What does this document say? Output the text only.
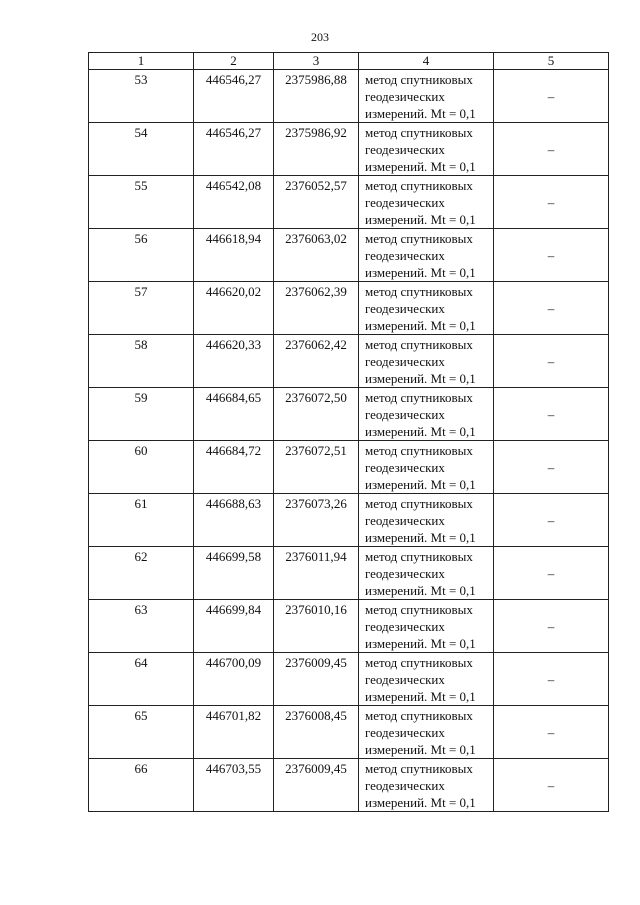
203
1	2	3	4	5
53	446546,27	2375986,88	метод спутниковых
геодезических
измерений. Mt = 0,1	–
54	446546,27	2375986,92	метод спутниковых
геодезических
измерений. Mt = 0,1	–
55	446542,08	2376052,57	метод спутниковых
геодезических
измерений. Mt = 0,1	–
56	446618,94	2376063,02	метод спутниковых
геодезических
измерений. Mt = 0,1	–
57	446620,02	2376062,39	метод спутниковых
геодезических
измерений. Mt = 0,1	–
58	446620,33	2376062,42	метод спутниковых
геодезических
измерений. Mt = 0,1	–
59	446684,65	2376072,50	метод спутниковых
геодезических
измерений. Mt = 0,1	–
60	446684,72	2376072,51	метод спутниковых
геодезических
измерений. Mt = 0,1	–
61	446688,63	2376073,26	метод спутниковых
геодезических
измерений. Mt = 0,1	–
62	446699,58	2376011,94	метод спутниковых
геодезических
измерений. Mt = 0,1	–
63	446699,84	2376010,16	метод спутниковых
геодезических
измерений. Mt = 0,1	–
64	446700,09	2376009,45	метод спутниковых
геодезических
измерений. Mt = 0,1	–
65	446701,82	2376008,45	метод спутниковых
геодезических
измерений. Mt = 0,1	–
66	446703,55	2376009,45	метод спутниковых
геодезических
измерений. Mt = 0,1	–
